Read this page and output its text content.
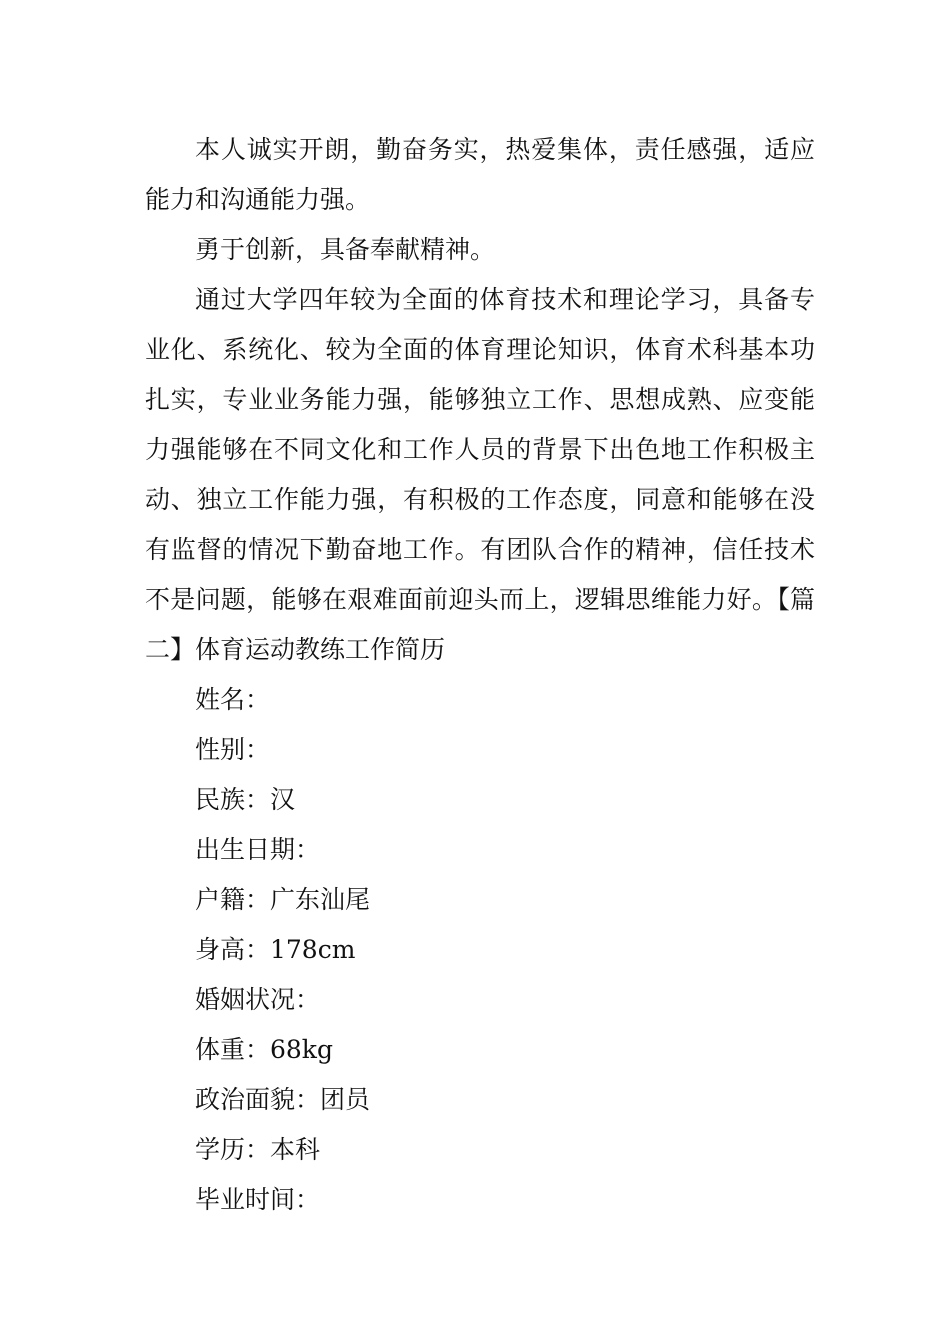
本人诚实开朗，勤奋务实，热爱集体，责任感强，适应能力和沟通能力强。

勇于创新，具备奉献精神。

通过大学四年较为全面的体育技术和理论学习，具备专业化、系统化、较为全面的体育理论知识，体育术科基本功扎实，专业业务能力强，能够独立工作、思想成熟、应变能力强能够在不同文化和工作人员的背景下出色地工作积极主动、独立工作能力强，有积极的工作态度，同意和能够在没有监督的情况下勤奋地工作。有团队合作的精神，信任技术不是问题，能够在艰难面前迎头而上，逻辑思维能力好。【篇二】体育运动教练工作简历

姓名：
性别：
民族：汉
出生日期：
户籍：广东汕尾
身高：178cm
婚姻状况：
体重：68kg
政治面貌：团员
学历：本科
毕业时间：
